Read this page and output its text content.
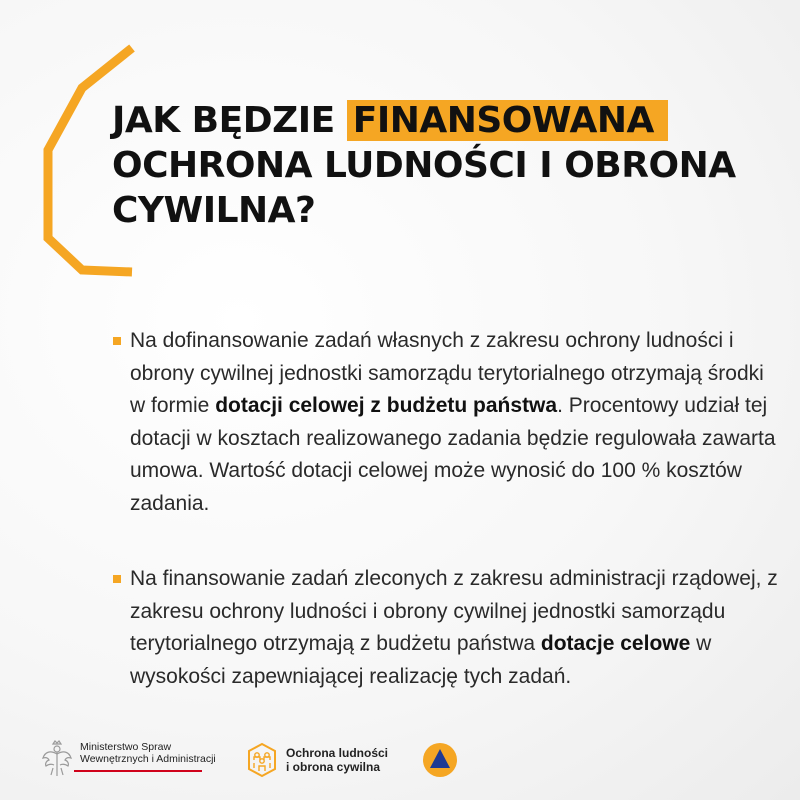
JAK BĘDZIE FINANSOWANA
OCHRONA LUDNOŚCI I OBRONA
CYWILNA?
Na dofinansowanie zadań własnych z zakresu ochrony ludności i obrony cywilnej jednostki samorządu terytorialnego otrzymają środki w formie dotacji celowej z budżetu państwa. Procentowy udział tej dotacji w kosztach realizowanego zadania będzie regulowała zawarta umowa. Wartość dotacji celowej może wynosić do 100 % kosztów zadania.
Na finansowanie zadań zleconych z zakresu administracji rządowej, z zakresu ochrony ludności i obrony cywilnej jednostki samorządu terytorialnego otrzymają z budżetu państwa dotacje celowe w wysokości zapewniającej realizację tych zadań.
Ministerstwo Spraw
Wewnętrznych i Administracji	Ochrona ludności
i obrona cywilna
